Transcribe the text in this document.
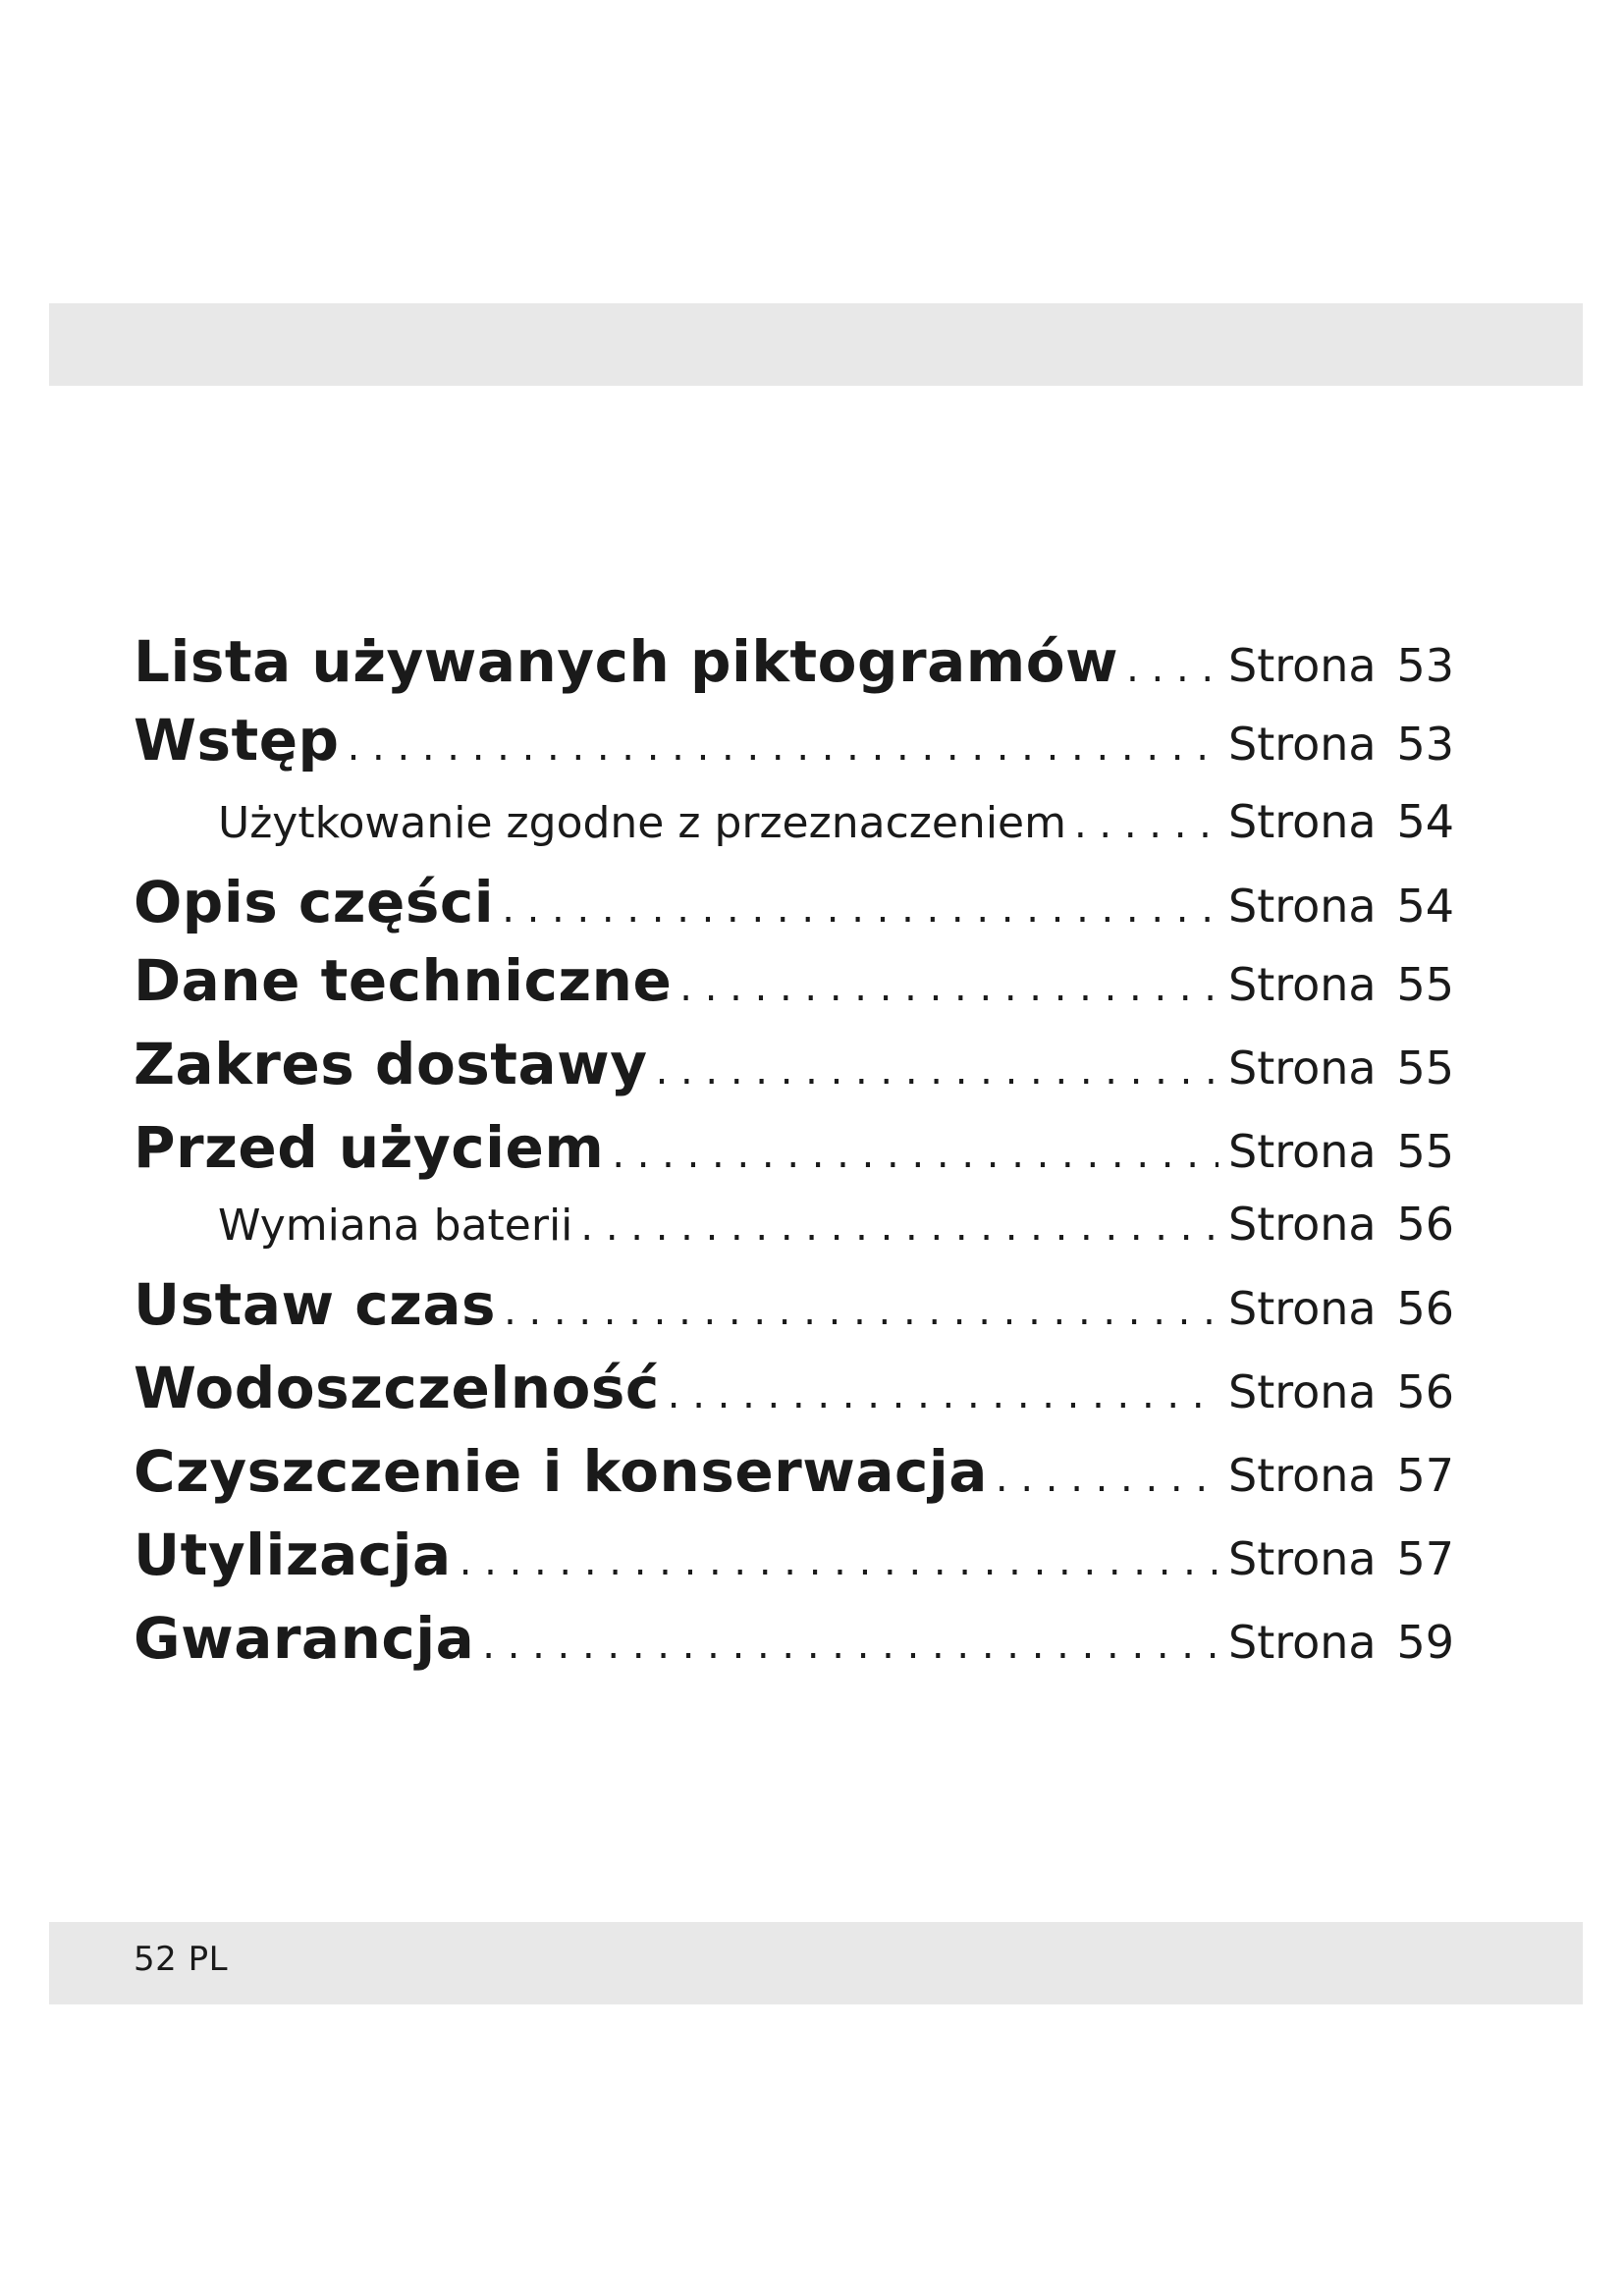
Lista używanych piktogramów . . . Strona 53
Wstęp . . .	Strona 53
Użytkowanie zgodne z przeznaczeniem . . .	Strona 54
Opis części . . .	Strona 54
Dane techniczne . . .	Strona 55
Zakres dostawy . . .	Strona 55
Przed użyciem . . .	Strona 55
Wymiana baterii . . .	Strona 56
Ustaw czas . . .	Strona 56
Wodoszczelność . . .	Strona 56
Czyszczenie i konserwacja . . .	Strona 57
Utylizacja . . .	Strona 57
Gwarancja . . .	Strona 59
52 PL
